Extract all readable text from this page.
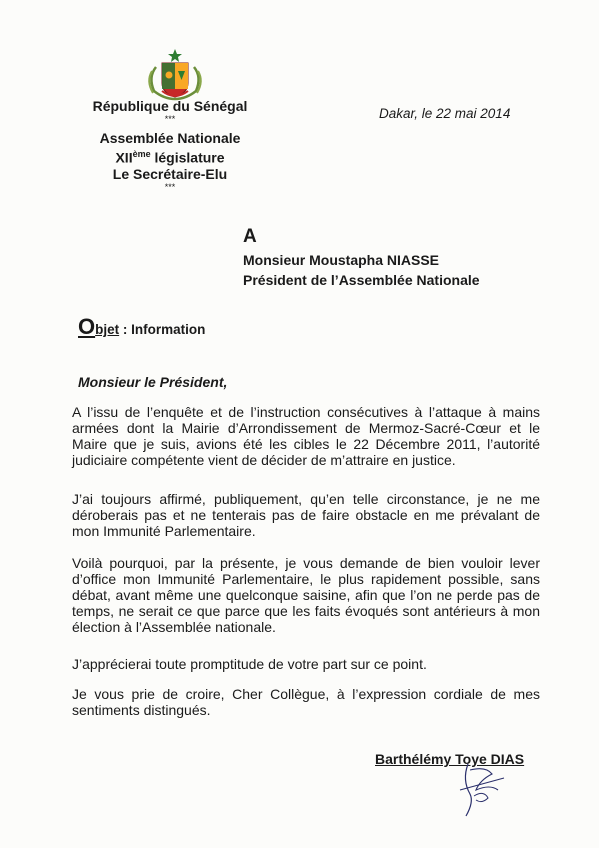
République du Sénégal
***
Assemblée Nationale
XIIème législature
Le Secrétaire-Elu
***
Dakar, le 22 mai 2014
A
Monsieur Moustapha NIASSE
Président de l’Assemblée Nationale
Objet : Information
Monsieur le Président,
A l’issu de l’enquête et de l’instruction consécutives à l’attaque à mains armées dont la Mairie d’Arrondissement de Mermoz-Sacré-Cœur et le Maire que je suis, avions été les cibles le 22 Décembre 2011, l’autorité judiciaire compétente vient de décider de m’attraire en justice.
J’ai toujours affirmé, publiquement, qu’en telle circonstance, je ne me déroberais pas et ne tenterais pas de faire obstacle en me prévalant de mon Immunité Parlementaire.
Voilà pourquoi, par la présente, je vous demande de bien vouloir lever d’office mon Immunité Parlementaire, le plus rapidement possible, sans débat, avant même une quelconque saisine, afin que l’on ne perde pas de temps, ne serait ce que parce que les faits évoqués sont antérieurs à mon élection à l’Assemblée nationale.
J’apprécierai toute promptitude de votre part sur ce point.
Je vous prie de croire, Cher Collègue, à l’expression cordiale de mes sentiments distingués.
Barthélémy Toye DIAS
